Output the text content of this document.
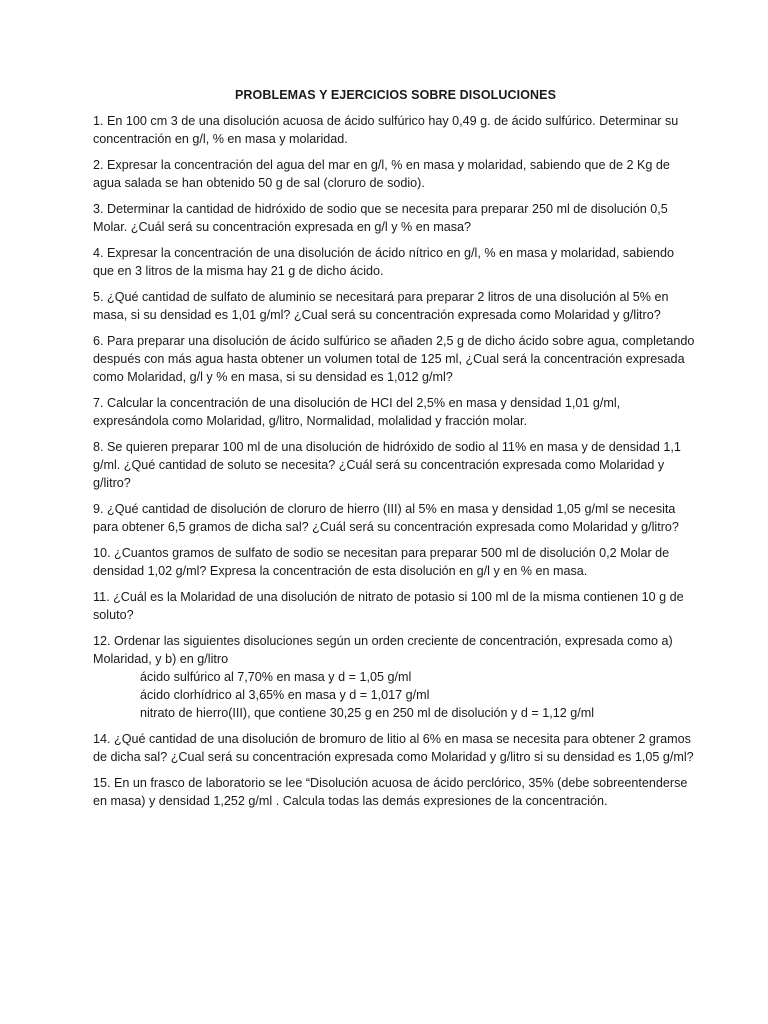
PROBLEMAS Y EJERCICIOS SOBRE DISOLUCIONES

1. En 100 cm 3 de una disolución acuosa de ácido sulfúrico hay 0,49 g. de ácido sulfúrico. Determinar su concentración en g/l, % en masa y molaridad.

2. Expresar la concentración del agua del mar en g/l, % en masa y molaridad, sabiendo que de 2 Kg de agua salada se han obtenido 50 g de sal (cloruro de sodio).

3. Determinar la cantidad de hidróxido de sodio que se necesita para preparar 250 ml de disolución 0,5 Molar. ¿Cuál será su concentración expresada en g/l y % en masa?

4. Expresar la concentración de una disolución de ácido nítrico en g/l, % en masa y molaridad, sabiendo que en 3 litros de la misma hay 21 g de dicho ácido.

5. ¿Qué cantidad de sulfato de aluminio se necesitará para preparar 2 litros de una disolución al 5% en masa, si su densidad es 1,01 g/ml? ¿Cual será su concentración expresada como Molaridad y g/litro?

6. Para preparar una disolución de ácido sulfúrico se añaden 2,5 g de dicho ácido sobre agua, completando después con más agua hasta obtener un volumen total de 125 ml, ¿Cual será la concentración expresada como Molaridad, g/l y % en masa, si su densidad es 1,012 g/ml?

7. Calcular la concentración de una disolución de HCI del 2,5% en masa y densidad 1,01 g/ml, expresándola como Molaridad, g/litro, Normalidad, molalidad y fracción molar.

8. Se quieren preparar 100 ml de una disolución de hidróxido de sodio al 11% en masa y de densidad 1,1 g/ml. ¿Qué cantidad de soluto se necesita? ¿Cuál será su concentración expresada como Molaridad y g/litro?

9. ¿Qué cantidad de disolución de cloruro de hierro (III) al 5% en masa y densidad 1,05 g/ml se necesita para obtener 6,5 gramos de dicha sal? ¿Cuál será su concentración expresada como Molaridad y g/litro?

10. ¿Cuantos gramos de sulfato de sodio se necesitan para preparar 500 ml de disolución 0,2 Molar de densidad 1,02 g/ml? Expresa la concentración de esta disolución en g/l y en % en masa.

11. ¿Cuál es la Molaridad de una disolución de nitrato de potasio si 100 ml de la misma contienen 10 g de soluto?

12. Ordenar las siguientes disoluciones según un orden creciente de concentración, expresada como a) Molaridad, y b) en g/litro
ácido sulfúrico al 7,70% en masa y d = 1,05 g/ml
ácido clorhídrico al 3,65% en masa y d = 1,017 g/ml
nitrato de hierro(III), que contiene 30,25 g en 250 ml de disolución y d = 1,12 g/ml

14. ¿Qué cantidad de una disolución de bromuro de litio al 6% en masa se necesita para obtener 2 gramos de dicha sal? ¿Cual será su concentración expresada como Molaridad y g/litro si su densidad es 1,05 g/ml?

15. En un frasco de laboratorio se lee “Disolución acuosa de ácido perclórico, 35% (debe sobreentenderse en masa) y densidad 1,252 g/ml . Calcula todas las demás expresiones de la concentración.
